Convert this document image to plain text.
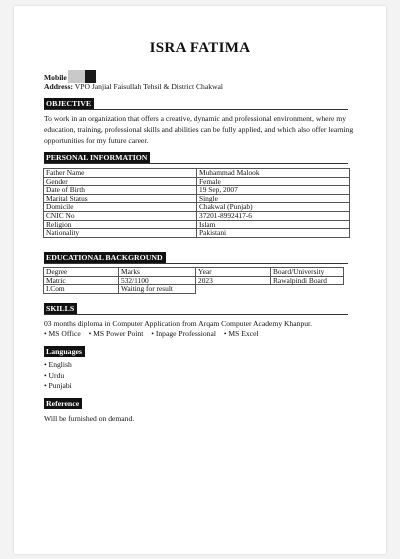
ISRA FATIMA
Mobile
Address: VPO Janjial Faisullah Tehsil & District Chakwal
OBJECTIVE
To work in an organization that offers a creative, dynamic and professional environment, where my education, training, professional skills and abilities can be fully applied, and which also offer learning opportunities for my future career.
PERSONAL INFORMATION
Father Name	Muhammad Malook
Gender	Female
Date of Birth	19 Sep, 2007
Marital Status	Single
Domicile	Chakwal (Punjab)
CNIC No	37201-8992417-6
Religion	Islam
Nationality	Pakistani
EDUCATIONAL BACKGROUND
Degree	Marks	Year	Board/University
Matric	532/1100	2023	Rawalpindi Board
I.Com	Waiting for result		
SKILLS
03 months diploma in Computer Application from Arqam Computer Academy Khanpur.
• MS Office • MS Power Point • Inpage Professional • MS Excel
Languages
• English
• Urdu
• Punjabi
Reference
Will be furnished on demand.
